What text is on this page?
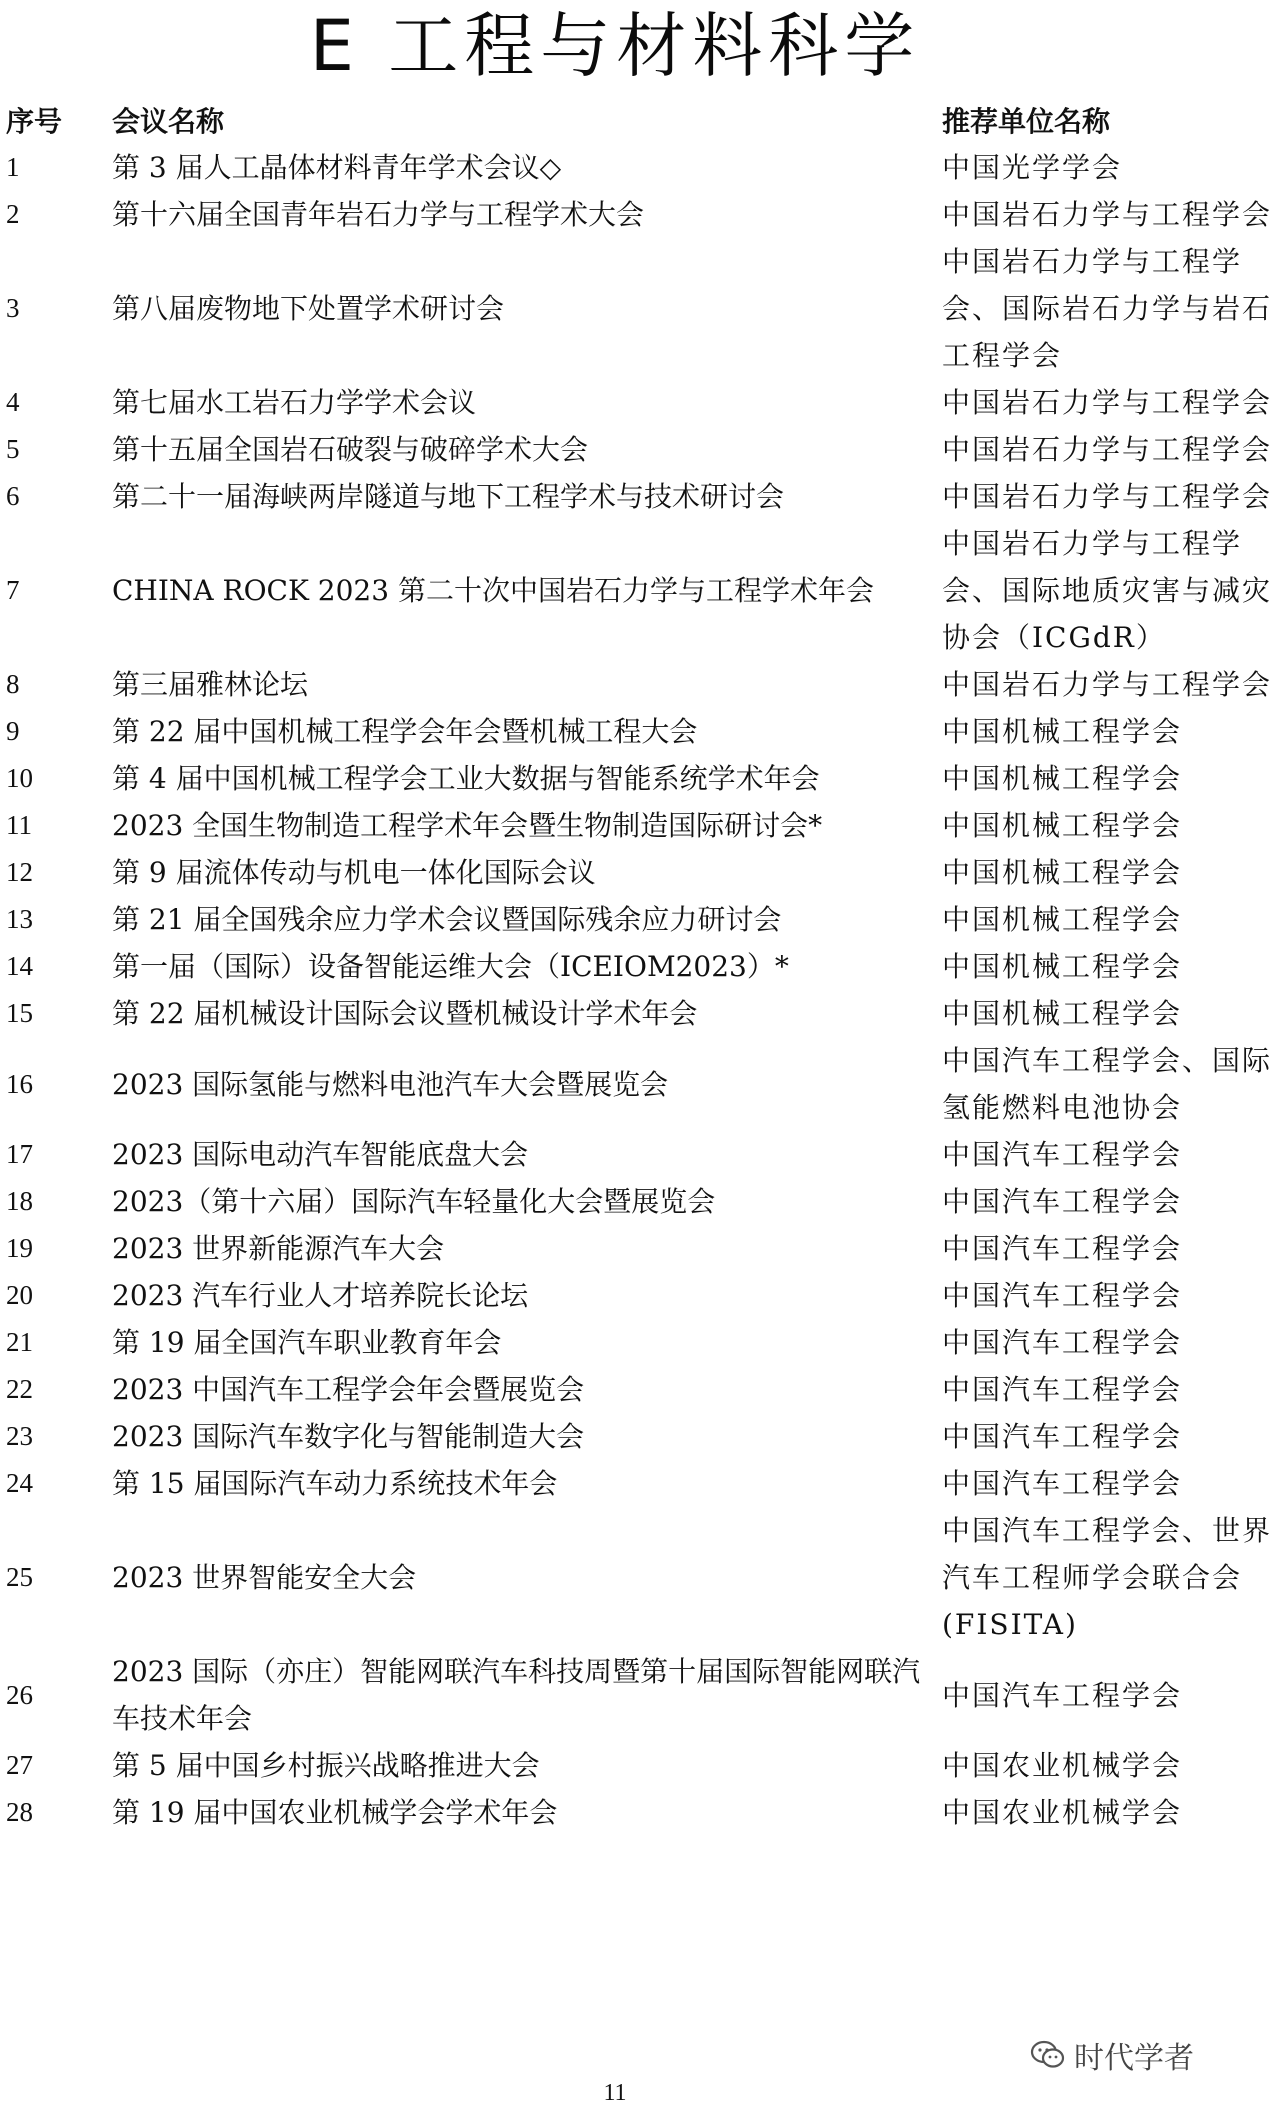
E 工程与材料科学
序号	会议名称	推荐单位名称
1	第 3 届人工晶体材料青年学术会议◇	中国光学学会
2	第十六届全国青年岩石力学与工程学术大会	中国岩石力学与工程学会
3	第八届废物地下处置学术研讨会	中国岩石力学与工程学会、国际岩石力学与岩石工程学会
4	第七届水工岩石力学学术会议	中国岩石力学与工程学会
5	第十五届全国岩石破裂与破碎学术大会	中国岩石力学与工程学会
6	第二十一届海峡两岸隧道与地下工程学术与技术研讨会	中国岩石力学与工程学会
7	CHINA ROCK 2023 第二十次中国岩石力学与工程学术年会	中国岩石力学与工程学会、国际地质灾害与减灾协会（ICGdR）
8	第三届雅林论坛	中国岩石力学与工程学会
9	第 22 届中国机械工程学会年会暨机械工程大会	中国机械工程学会
10	第 4 届中国机械工程学会工业大数据与智能系统学术年会	中国机械工程学会
11	2023 全国生物制造工程学术年会暨生物制造国际研讨会*	中国机械工程学会
12	第 9 届流体传动与机电一体化国际会议	中国机械工程学会
13	第 21 届全国残余应力学术会议暨国际残余应力研讨会	中国机械工程学会
14	第一届（国际）设备智能运维大会（ICEIOM2023）*	中国机械工程学会
15	第 22 届机械设计国际会议暨机械设计学术年会	中国机械工程学会
16	2023 国际氢能与燃料电池汽车大会暨展览会	中国汽车工程学会、国际氢能燃料电池协会
17	2023 国际电动汽车智能底盘大会	中国汽车工程学会
18	2023（第十六届）国际汽车轻量化大会暨展览会	中国汽车工程学会
19	2023 世界新能源汽车大会	中国汽车工程学会
20	2023 汽车行业人才培养院长论坛	中国汽车工程学会
21	第 19 届全国汽车职业教育年会	中国汽车工程学会
22	2023 中国汽车工程学会年会暨展览会	中国汽车工程学会
23	2023 国际汽车数字化与智能制造大会	中国汽车工程学会
24	第 15 届国际汽车动力系统技术年会	中国汽车工程学会
25	2023 世界智能安全大会	中国汽车工程学会、世界汽车工程师学会联合会(FISITA)
26	2023 国际（亦庄）智能网联汽车科技周暨第十届国际智能网联汽车技术年会	中国汽车工程学会
27	第 5 届中国乡村振兴战略推进大会	中国农业机械学会
28	第 19 届中国农业机械学会学术年会	中国农业机械学会
11
时代学者
